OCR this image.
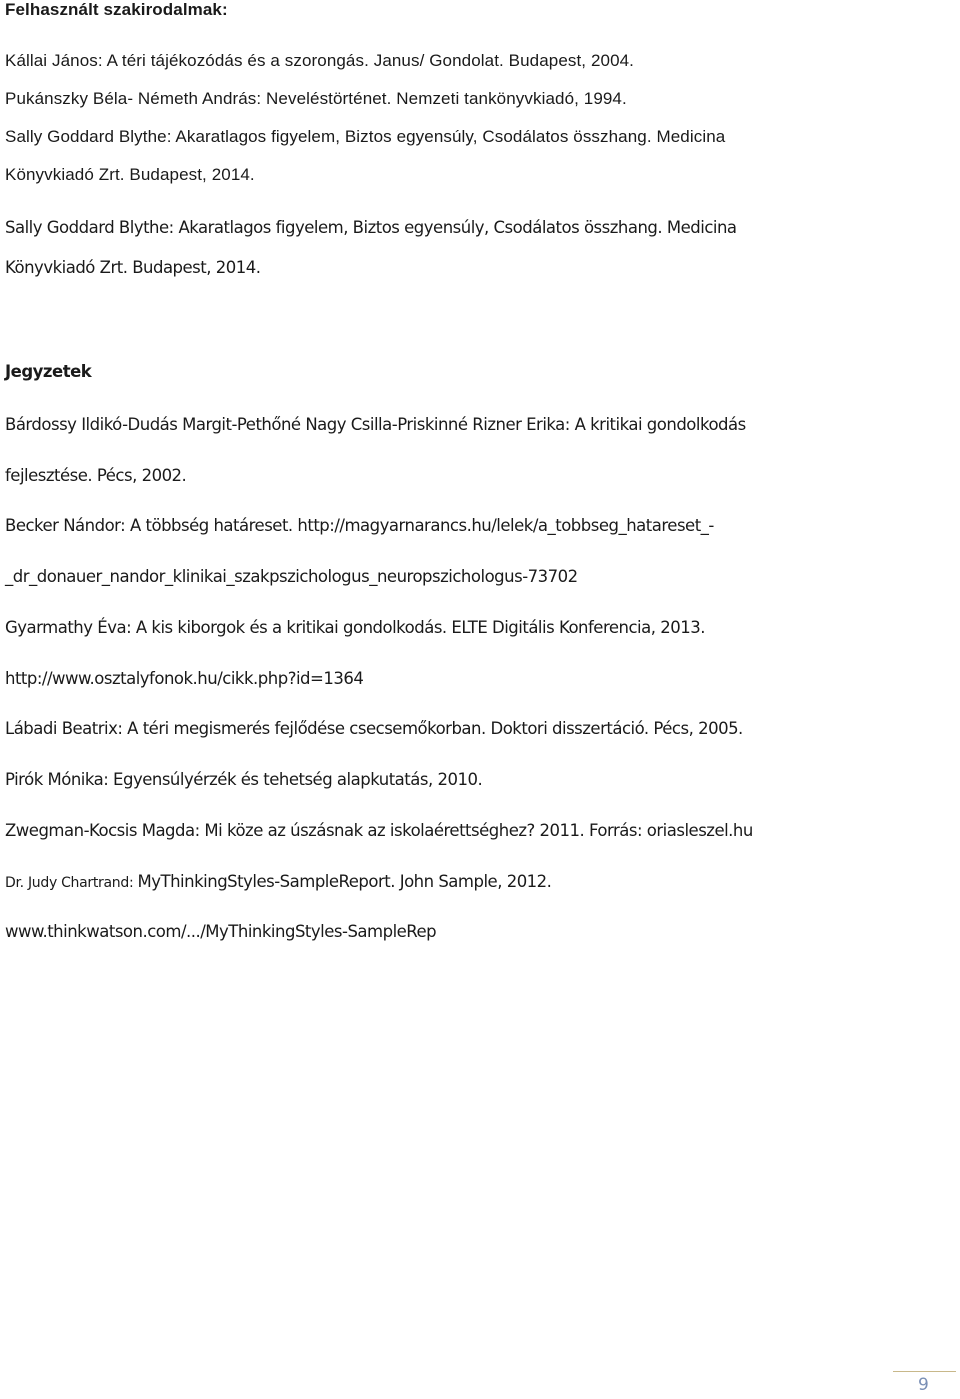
Felhasznált szakirodalmak:

Kállai János: A téri tájékozódás és a szorongás. Janus/ Gondolat. Budapest, 2004.

Pukánszky Béla- Németh András: Neveléstörténet. Nemzeti tankönyvkiadó, 1994.

Sally Goddard Blythe: Akaratlagos figyelem, Biztos egyensúly, Csodálatos összhang. Medicina

Könyvkiadó Zrt. Budapest, 2014.

Sally Goddard Blythe: Akaratlagos figyelem, Biztos egyensúly, Csodálatos összhang. Medicina

Könyvkiadó Zrt. Budapest, 2014.

Jegyzetek

Bárdossy Ildikó-Dudás Margit-Pethőné Nagy Csilla-Priskinné Rizner Erika: A kritikai gondolkodás

fejlesztése. Pécs, 2002.

Becker Nándor: A többség határeset. http://magyarnarancs.hu/lelek/a_tobbseg_hatareset_-

_dr_donauer_nandor_klinikai_szakpszichologus_neuropszichologus-73702

Gyarmathy Éva: A kis kiborgok és a kritikai gondolkodás. ELTE Digitális Konferencia, 2013.

http://www.osztalyfonok.hu/cikk.php?id=1364

Lábadi Beatrix: A téri megismerés fejlődése csecsemőkorban. Doktori disszertáció. Pécs, 2005.

Pirók Mónika: Egyensúlyérzék és tehetség alapkutatás, 2010.

Zwegman-Kocsis Magda: Mi köze az úszásnak az iskolaérettséghez? 2011. Forrás: oriasleszel.hu

Dr. Judy Chartrand: MyThinkingStyles-SampleReport. John Sample, 2012.

www.thinkwatson.com/.../MyThinkingStyles-SampleRep

9
